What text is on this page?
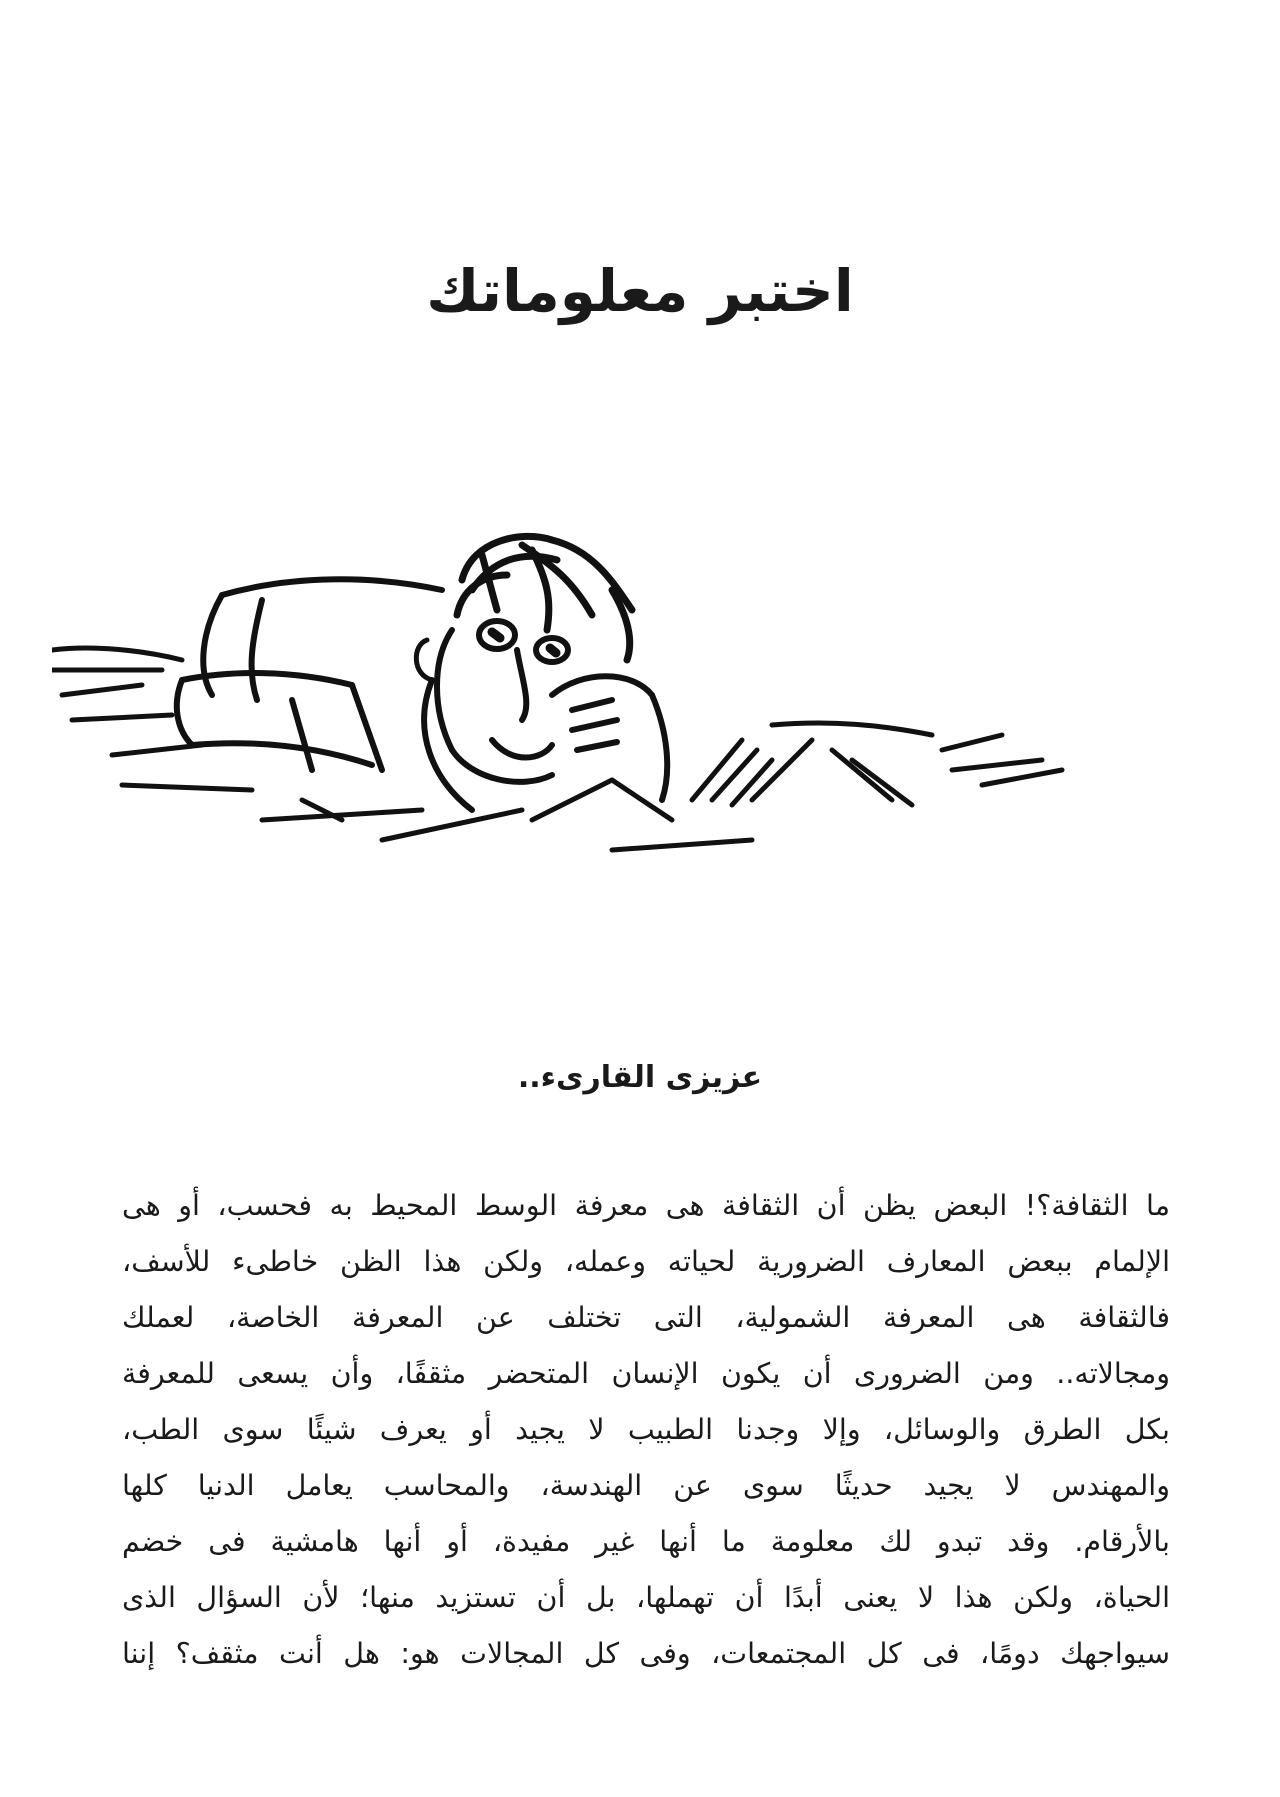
اختبر معلوماتك

عزيزى القارىء..

ما الثقافة؟! البعض يظن أن الثقافة هى معرفة الوسط المحيط به فحسب، أو هى
الإلمام ببعض المعارف الضرورية لحياته وعمله، ولكن هذا الظن خاطىء للأسف،
فالثقافة هى المعرفة الشمولية، التى تختلف عن المعرفة الخاصة، لعملك
ومجالاته.. ومن الضرورى أن يكون الإنسان المتحضر مثقفًا، وأن يسعى للمعرفة
بكل الطرق والوسائل، وإلا وجدنا الطبيب لا يجيد أو يعرف شيئًا سوى الطب،
والمهندس لا يجيد حديثًا سوى عن الهندسة، والمحاسب يعامل الدنيا كلها
بالأرقام. وقد تبدو لك معلومة ما أنها غير مفيدة، أو أنها هامشية فى خضم
الحياة، ولكن هذا لا يعنى أبدًا أن تهملها، بل أن تستزيد منها؛ لأن السؤال الذى
سيواجهك دومًا، فى كل المجتمعات، وفى كل المجالات هو: هل أنت مثقف؟ إننا
